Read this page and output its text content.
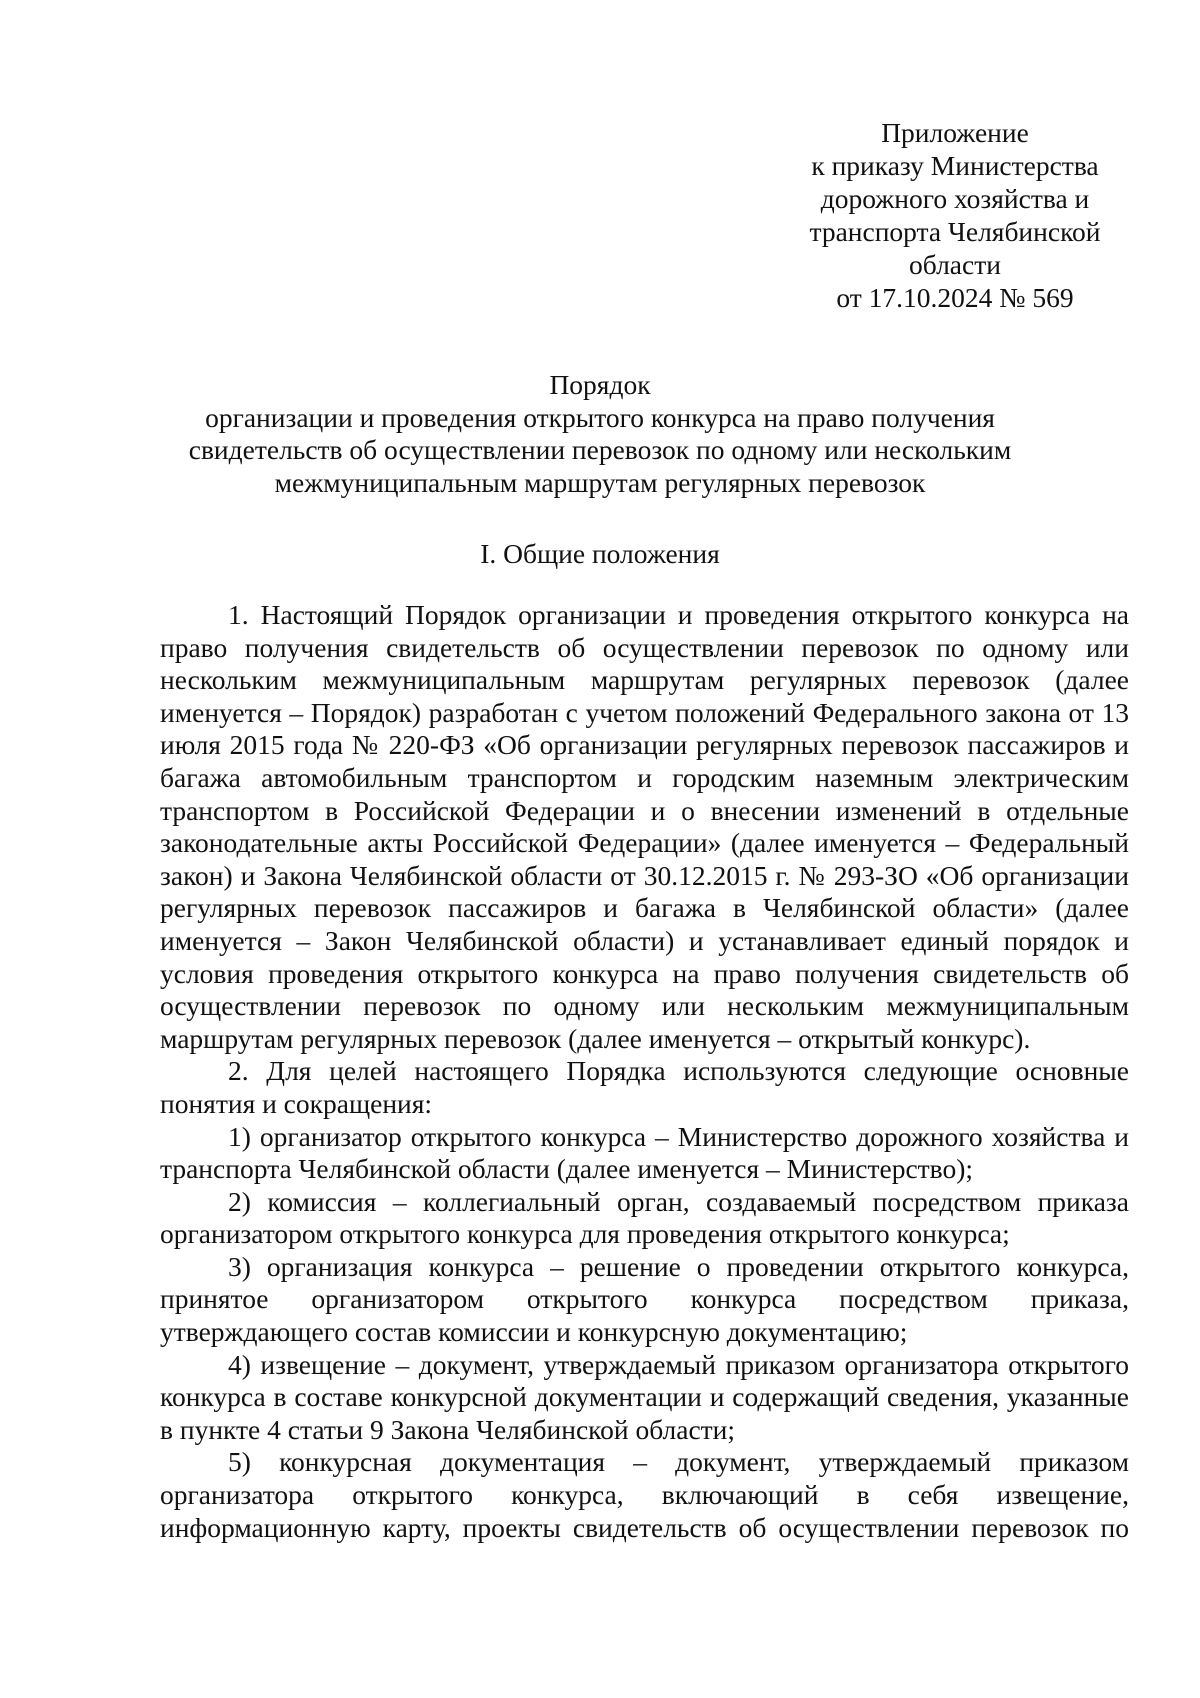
Приложение
к приказу Министерства
дорожного хозяйства и
транспорта Челябинской
области
от 17.10.2024 № 569
Порядок
организации и проведения открытого конкурса на право получения
свидетельств об осуществлении перевозок по одному или нескольким
межмуниципальным маршрутам регулярных перевозок
I. Общие положения

1. Настоящий Порядок организации и проведения открытого конкурса на право получения свидетельств об осуществлении перевозок по одному или нескольким межмуниципальным маршрутам регулярных перевозок (далее именуется – Порядок) разработан с учетом положений Федерального закона от 13 июля 2015 года № 220-ФЗ «Об организации регулярных перевозок пассажиров и багажа автомобильным транспортом и городским наземным электрическим транспортом в Российской Федерации и о внесении изменений в отдельные законодательные акты Российской Федерации» (далее именуется – Федеральный закон) и Закона Челябинской области от 30.12.2015 г. № 293-ЗО «Об организации регулярных перевозок пассажиров и багажа в Челябинской области» (далее именуется – Закон Челябинской области) и устанавливает единый порядок и условия проведения открытого конкурса на право получения свидетельств об осуществлении перевозок по одному или нескольким межмуниципальным маршрутам регулярных перевозок (далее именуется – открытый конкурс).

2. Для целей настоящего Порядка используются следующие основные понятия и сокращения:

1) организатор открытого конкурса – Министерство дорожного хозяйства и транспорта Челябинской области (далее именуется – Министерство);

2) комиссия – коллегиальный орган, создаваемый посредством приказа организатором открытого конкурса для проведения открытого конкурса;

3) организация конкурса – решение о проведении открытого конкурса, принятое организатором открытого конкурса посредством приказа, утверждающего состав комиссии и конкурсную документацию;

4) извещение – документ, утверждаемый приказом организатора открытого конкурса в составе конкурсной документации и содержащий сведения, указанные в пункте 4 статьи 9 Закона Челябинской области;

5) конкурсная документация – документ, утверждаемый приказом организатора открытого конкурса, включающий в себя извещение, информационную карту, проекты свидетельств об осуществлении перевозок по
